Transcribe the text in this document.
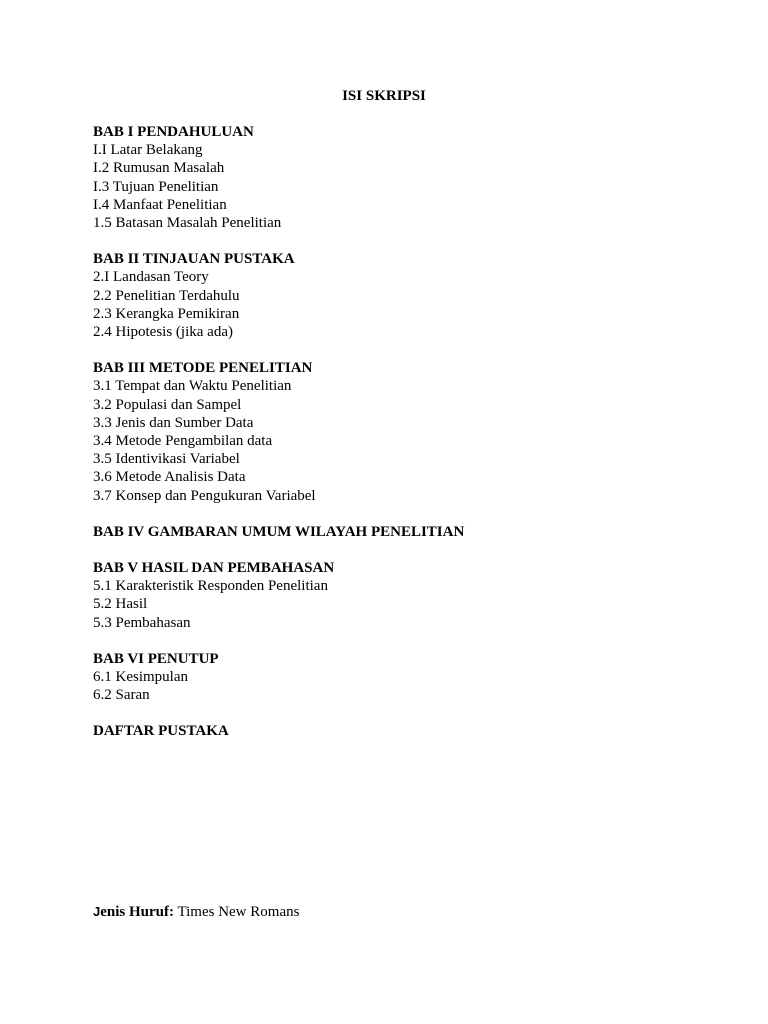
ISI SKRIPSI
BAB I PENDAHULUAN
I.I Latar Belakang
I.2 Rumusan Masalah
I.3 Tujuan Penelitian
I.4 Manfaat Penelitian
1.5 Batasan Masalah Penelitian
BAB II TINJAUAN PUSTAKA
2.I Landasan Teory
2.2 Penelitian Terdahulu
2.3 Kerangka Pemikiran
2.4 Hipotesis (jika ada)
BAB III METODE PENELITIAN
3.1 Tempat dan Waktu Penelitian
3.2 Populasi dan Sampel
3.3 Jenis dan Sumber Data
3.4 Metode Pengambilan data
3.5 Identivikasi Variabel
3.6 Metode Analisis Data
3.7 Konsep dan Pengukuran Variabel
BAB IV GAMBARAN UMUM WILAYAH PENELITIAN
BAB V HASIL DAN PEMBAHASAN
5.1 Karakteristik Responden Penelitian
5.2 Hasil
5.3 Pembahasan
BAB VI PENUTUP
6.1 Kesimpulan
6.2 Saran
DAFTAR PUSTAKA
Jenis Huruf: Times New Romans
